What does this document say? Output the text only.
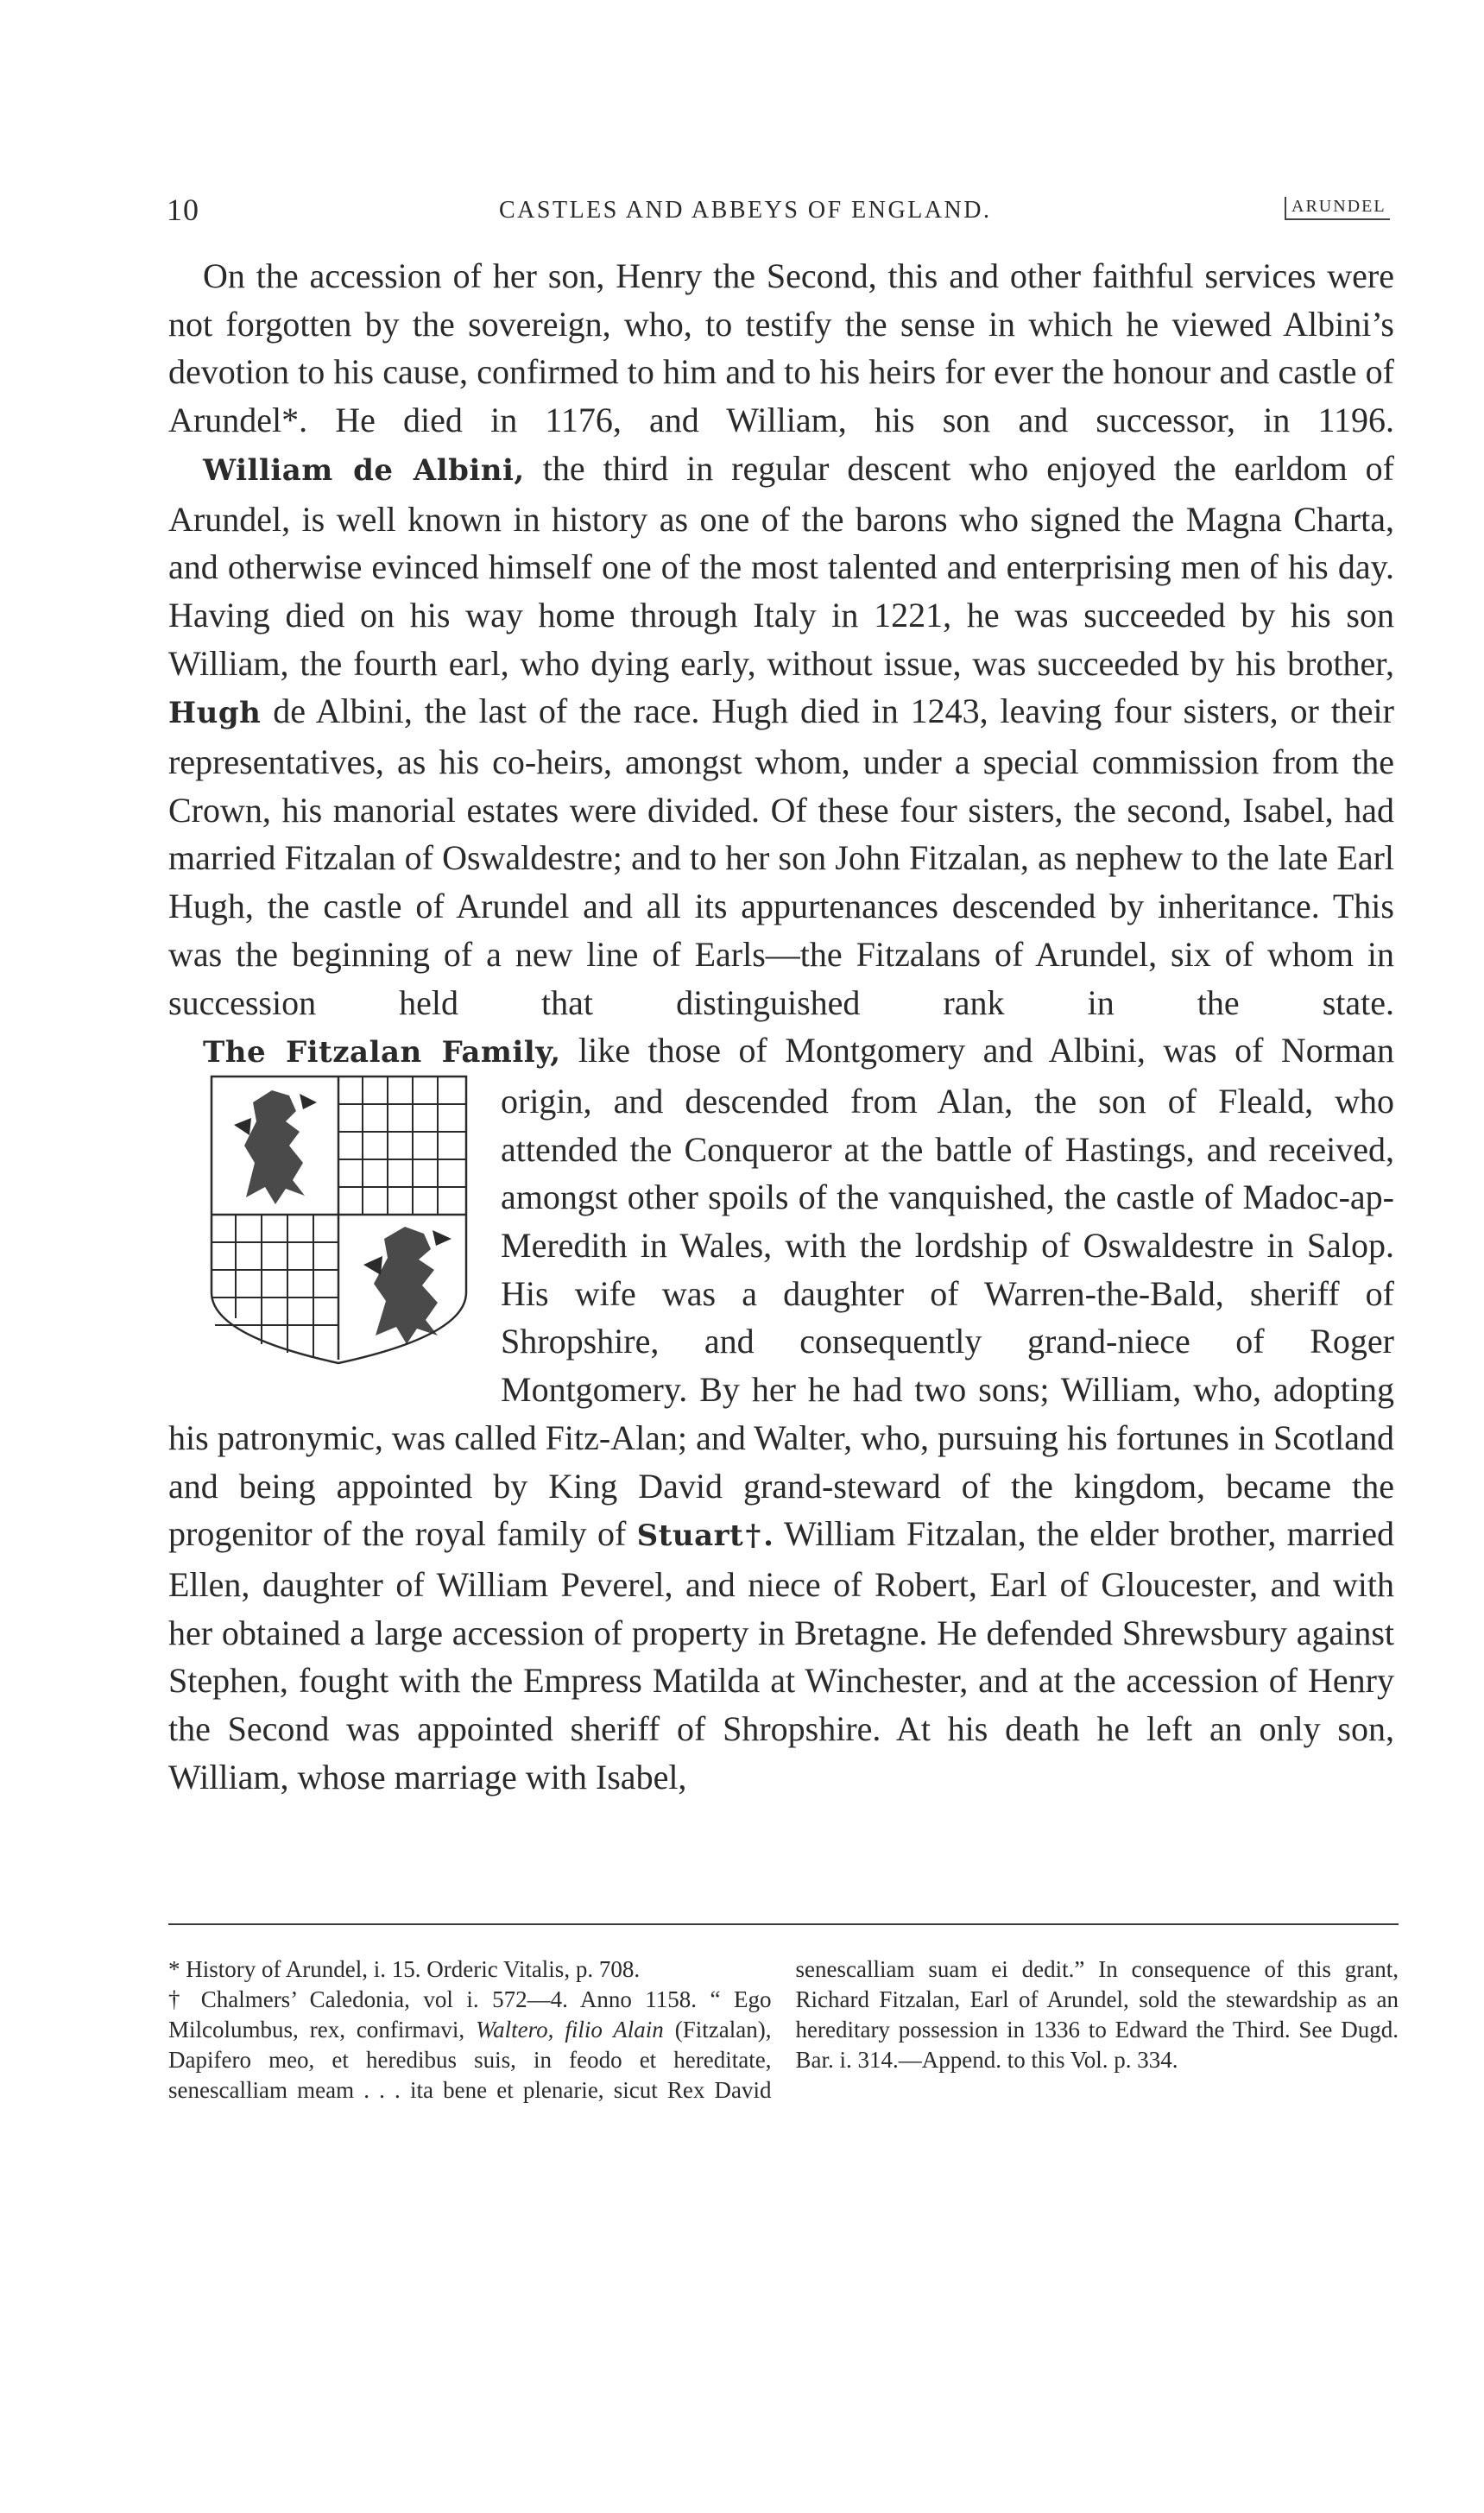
10	CASTLES AND ABBEYS OF ENGLAND.	ARUNDEL

On the accession of her son, Henry the Second, this and other faithful services were not forgotten by the sovereign, who, to testify the sense in which he viewed Albini’s devotion to his cause, confirmed to him and to his heirs for ever the honour and castle of Arundel*. He died in 1176, and William, his son and successor, in 1196.

William de Albini, the third in regular descent who enjoyed the earldom of Arundel, is well known in history as one of the barons who signed the Magna Charta, and otherwise evinced himself one of the most talented and enterprising men of his day. Having died on his way home through Italy in 1221, he was succeeded by his son William, the fourth earl, who dying early, without issue, was succeeded by his brother, Hugh de Albini, the last of the race. Hugh died in 1243, leaving four sisters, or their representatives, as his co-heirs, amongst whom, under a special commission from the Crown, his manorial estates were divided. Of these four sisters, the second, Isabel, had married Fitzalan of Oswaldestre; and to her son John Fitzalan, as nephew to the late Earl Hugh, the castle of Arundel and all its appurtenances descended by inheritance. This was the beginning of a new line of Earls—the Fitzalans of Arundel, six of whom in succession held that distinguished rank in the state.

The Fitzalan Family,
like those of Montgomery and Albini, was of Norman origin, and descended from Alan, the son of Fleald, who attended the Conqueror at the battle of Hastings, and received, amongst other spoils of the vanquished, the castle of Madoc-ap-Meredith in Wales, with the lordship of Oswaldestre in Salop. His wife was a daughter of Warren-the-Bald, sheriff of Shropshire, and consequently grand-niece of Roger Montgomery. By her he had two sons; William, who, adopting his patronymic, was called Fitz-Alan; and Walter, who, pursuing his fortunes in Scotland and being appointed by King David grand-steward of the kingdom, became the progenitor of the royal family of Stuart†. William Fitzalan, the elder brother, married Ellen, daughter of William Peverel, and niece of Robert, Earl of Gloucester, and with her obtained a large accession of property in Bretagne. He defended Shrewsbury against Stephen, fought with the Empress Matilda at Winchester, and at the accession of Henry the Second was appointed sheriff of Shropshire. At his death he left an only son, William, whose marriage with Isabel,

* History of Arundel, i. 15. Orderic Vitalis, p. 708.

† Chalmers’ Caledonia, vol i. 572—4. Anno 1158. “ Ego Milcolumbus, rex, confirmavi, Waltero, filio Alain (Fitzalan), Dapifero meo, et heredibus suis, in feodo et hereditate, senescalliam meam . . . ita bene et plenarie, sicut Rex David senescalliam suam ei dedit.” In consequence of this grant, Richard Fitzalan, Earl of Arundel, sold the stewardship as an hereditary possession in 1336 to Edward the Third. See Dugd. Bar. i. 314.—Append. to this Vol. p. 334.
